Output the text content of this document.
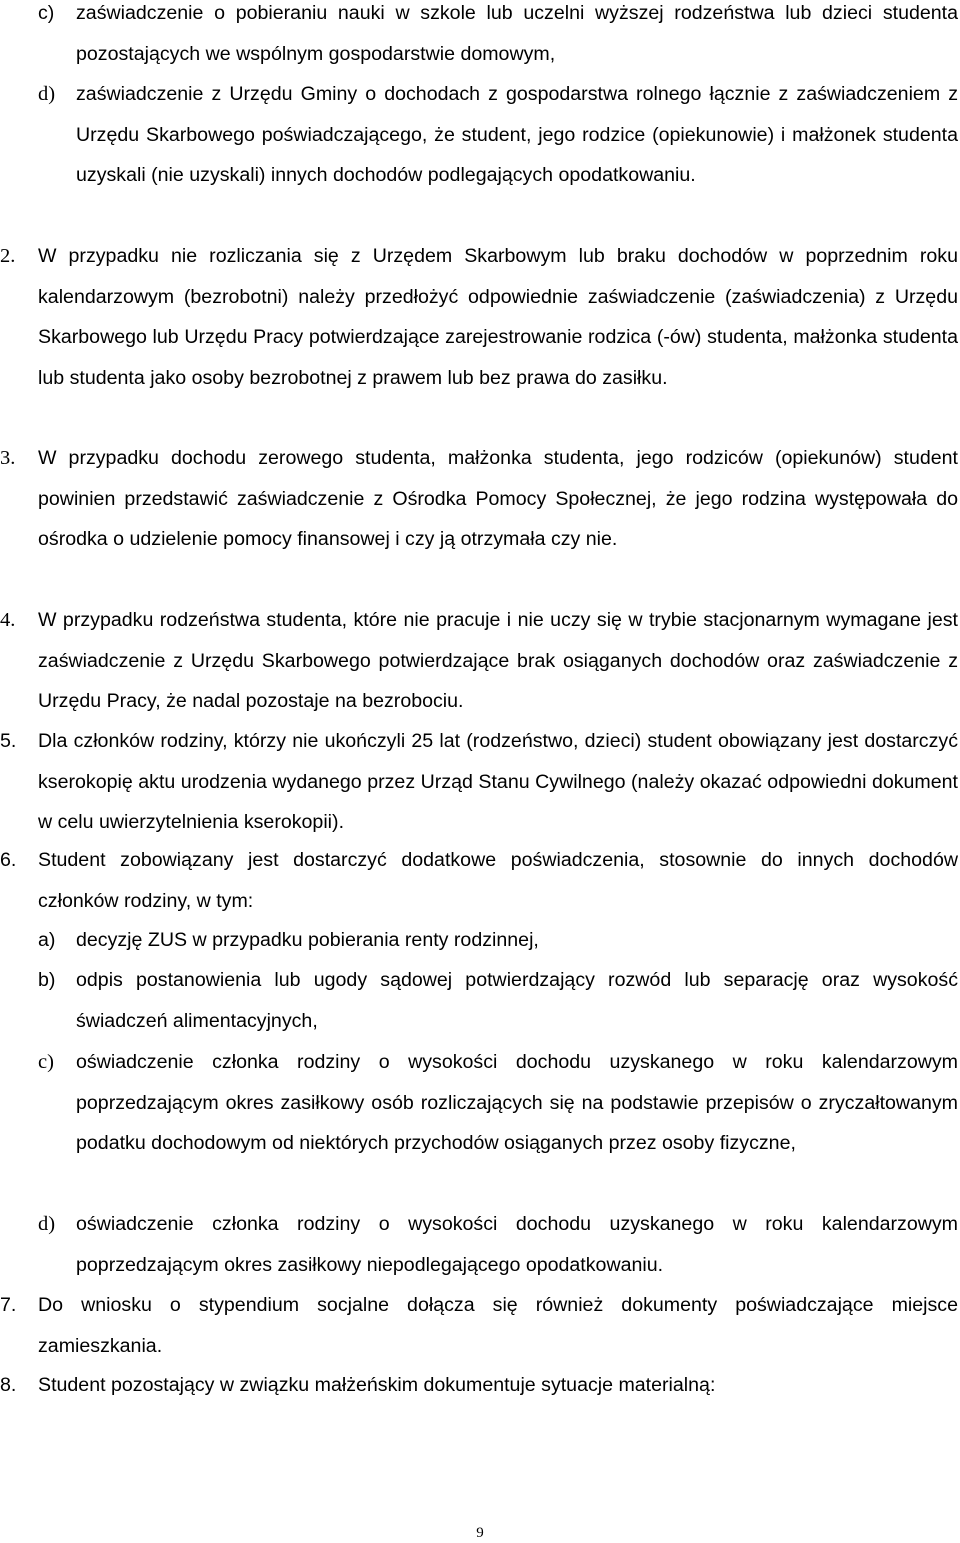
c)	zaświadczenie o pobieraniu nauki w szkole lub uczelni wyższej rodzeństwa lub dzieci studenta pozostających we wspólnym gospodarstwie domowym,
d)	zaświadczenie z Urzędu Gminy o dochodach z gospodarstwa rolnego łącznie z zaświadczeniem z Urzędu Skarbowego poświadczającego, że student, jego rodzice (opiekunowie) i małżonek studenta uzyskali (nie uzyskali) innych dochodów podlegających opodatkowaniu.
2.	W przypadku nie rozliczania się z Urzędem Skarbowym lub braku dochodów w poprzednim roku kalendarzowym (bezrobotni) należy przedłożyć odpowiednie zaświadczenie (zaświadczenia) z Urzędu Skarbowego lub Urzędu Pracy potwierdzające zarejestrowanie rodzica (-ów) studenta, małżonka studenta lub studenta jako osoby bezrobotnej z prawem lub bez prawa do zasiłku.
3.	W przypadku dochodu zerowego studenta, małżonka studenta, jego rodziców (opiekunów) student powinien przedstawić zaświadczenie z Ośrodka Pomocy Społecznej, że jego rodzina występowała do ośrodka o udzielenie pomocy finansowej i czy ją otrzymała czy nie.
4.	W przypadku rodzeństwa studenta, które nie pracuje i nie uczy się w trybie stacjonarnym wymagane jest zaświadczenie z Urzędu Skarbowego potwierdzające brak osiąganych dochodów oraz zaświadczenie z Urzędu Pracy, że nadal pozostaje na bezrobociu.
5.	Dla członków rodziny, którzy nie ukończyli 25 lat (rodzeństwo, dzieci) student obowiązany jest dostarczyć kserokopię aktu urodzenia wydanego przez Urząd Stanu Cywilnego (należy okazać odpowiedni dokument w celu uwierzytelnienia kserokopii).
6.	Student zobowiązany jest dostarczyć dodatkowe poświadczenia, stosownie do innych dochodów członków rodziny, w tym:
a)	decyzję ZUS w przypadku pobierania renty rodzinnej,
b)	odpis postanowienia lub ugody sądowej potwierdzający rozwód lub separację oraz wysokość świadczeń alimentacyjnych,
c)	oświadczenie członka rodziny o wysokości dochodu uzyskanego w roku kalendarzowym poprzedzającym okres zasiłkowy osób rozliczających się na podstawie przepisów o zryczałtowanym podatku dochodowym od niektórych przychodów osiąganych przez osoby fizyczne,
d)	oświadczenie członka rodziny o wysokości dochodu uzyskanego w roku kalendarzowym poprzedzającym okres zasiłkowy niepodlegającego opodatkowaniu.
7.	Do wniosku o stypendium socjalne dołącza się również dokumenty poświadczające miejsce zamieszkania.
8.	Student pozostający w związku małżeńskim dokumentuje sytuacje materialną:
9
